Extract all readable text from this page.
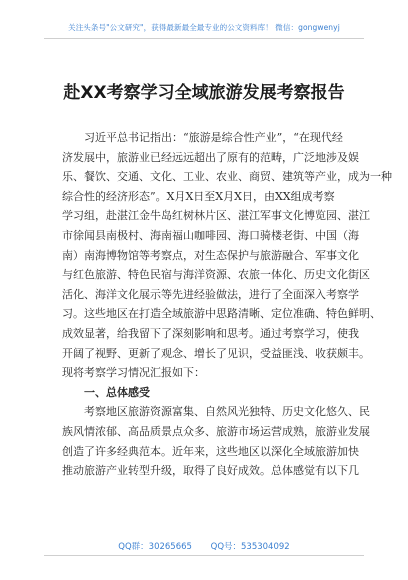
关注头条号"公文研究"，获得最新最全最专业的公文资料库！ 微信：gongwenyj
赴XX考察学习全域旅游发展考察报告
习近平总书记指出：“旅游是综合性产业”，“在现代经
济发展中，旅游业已经远远超出了原有的范畴，广泛地涉及娱
乐、餐饮、交通、文化、工业、农业、商贸、建筑等产业，成为一种
综合性的经济形态”。X月X日至X月X日，由XX组成考察
学习组，赴湛江金牛岛红树林片区、湛江军事文化博览园、湛江
市徐闻县南极村、海南福山咖啡园、海口骑楼老街、中国（海
南）南海博物馆等考察点，对生态保护与旅游融合、军事文化
与红色旅游、特色民宿与海洋资源、农旅一体化、历史文化街区
活化、海洋文化展示等先进经验做法，进行了全面深入考察学
习。这些地区在打造全域旅游中思路清晰、定位准确、特色鲜明、
成效显著，给我留下了深刻影响和思考。通过考察学习，使我
开阔了视野、更新了观念、增长了见识，受益匪浅、收获颇丰。
现将考察学习情况汇报如下：
一、总体感受
考察地区旅游资源富集、自然风光独特、历史文化悠久、民
族风情浓郁、高品质景点众多、旅游市场运营成熟，旅游业发展
创造了许多经典范本。近年来，这些地区以深化全域旅游加快
推动旅游产业转型升级，取得了良好成效。总体感觉有以下几
QQ群：30265665 QQ号：535304092
